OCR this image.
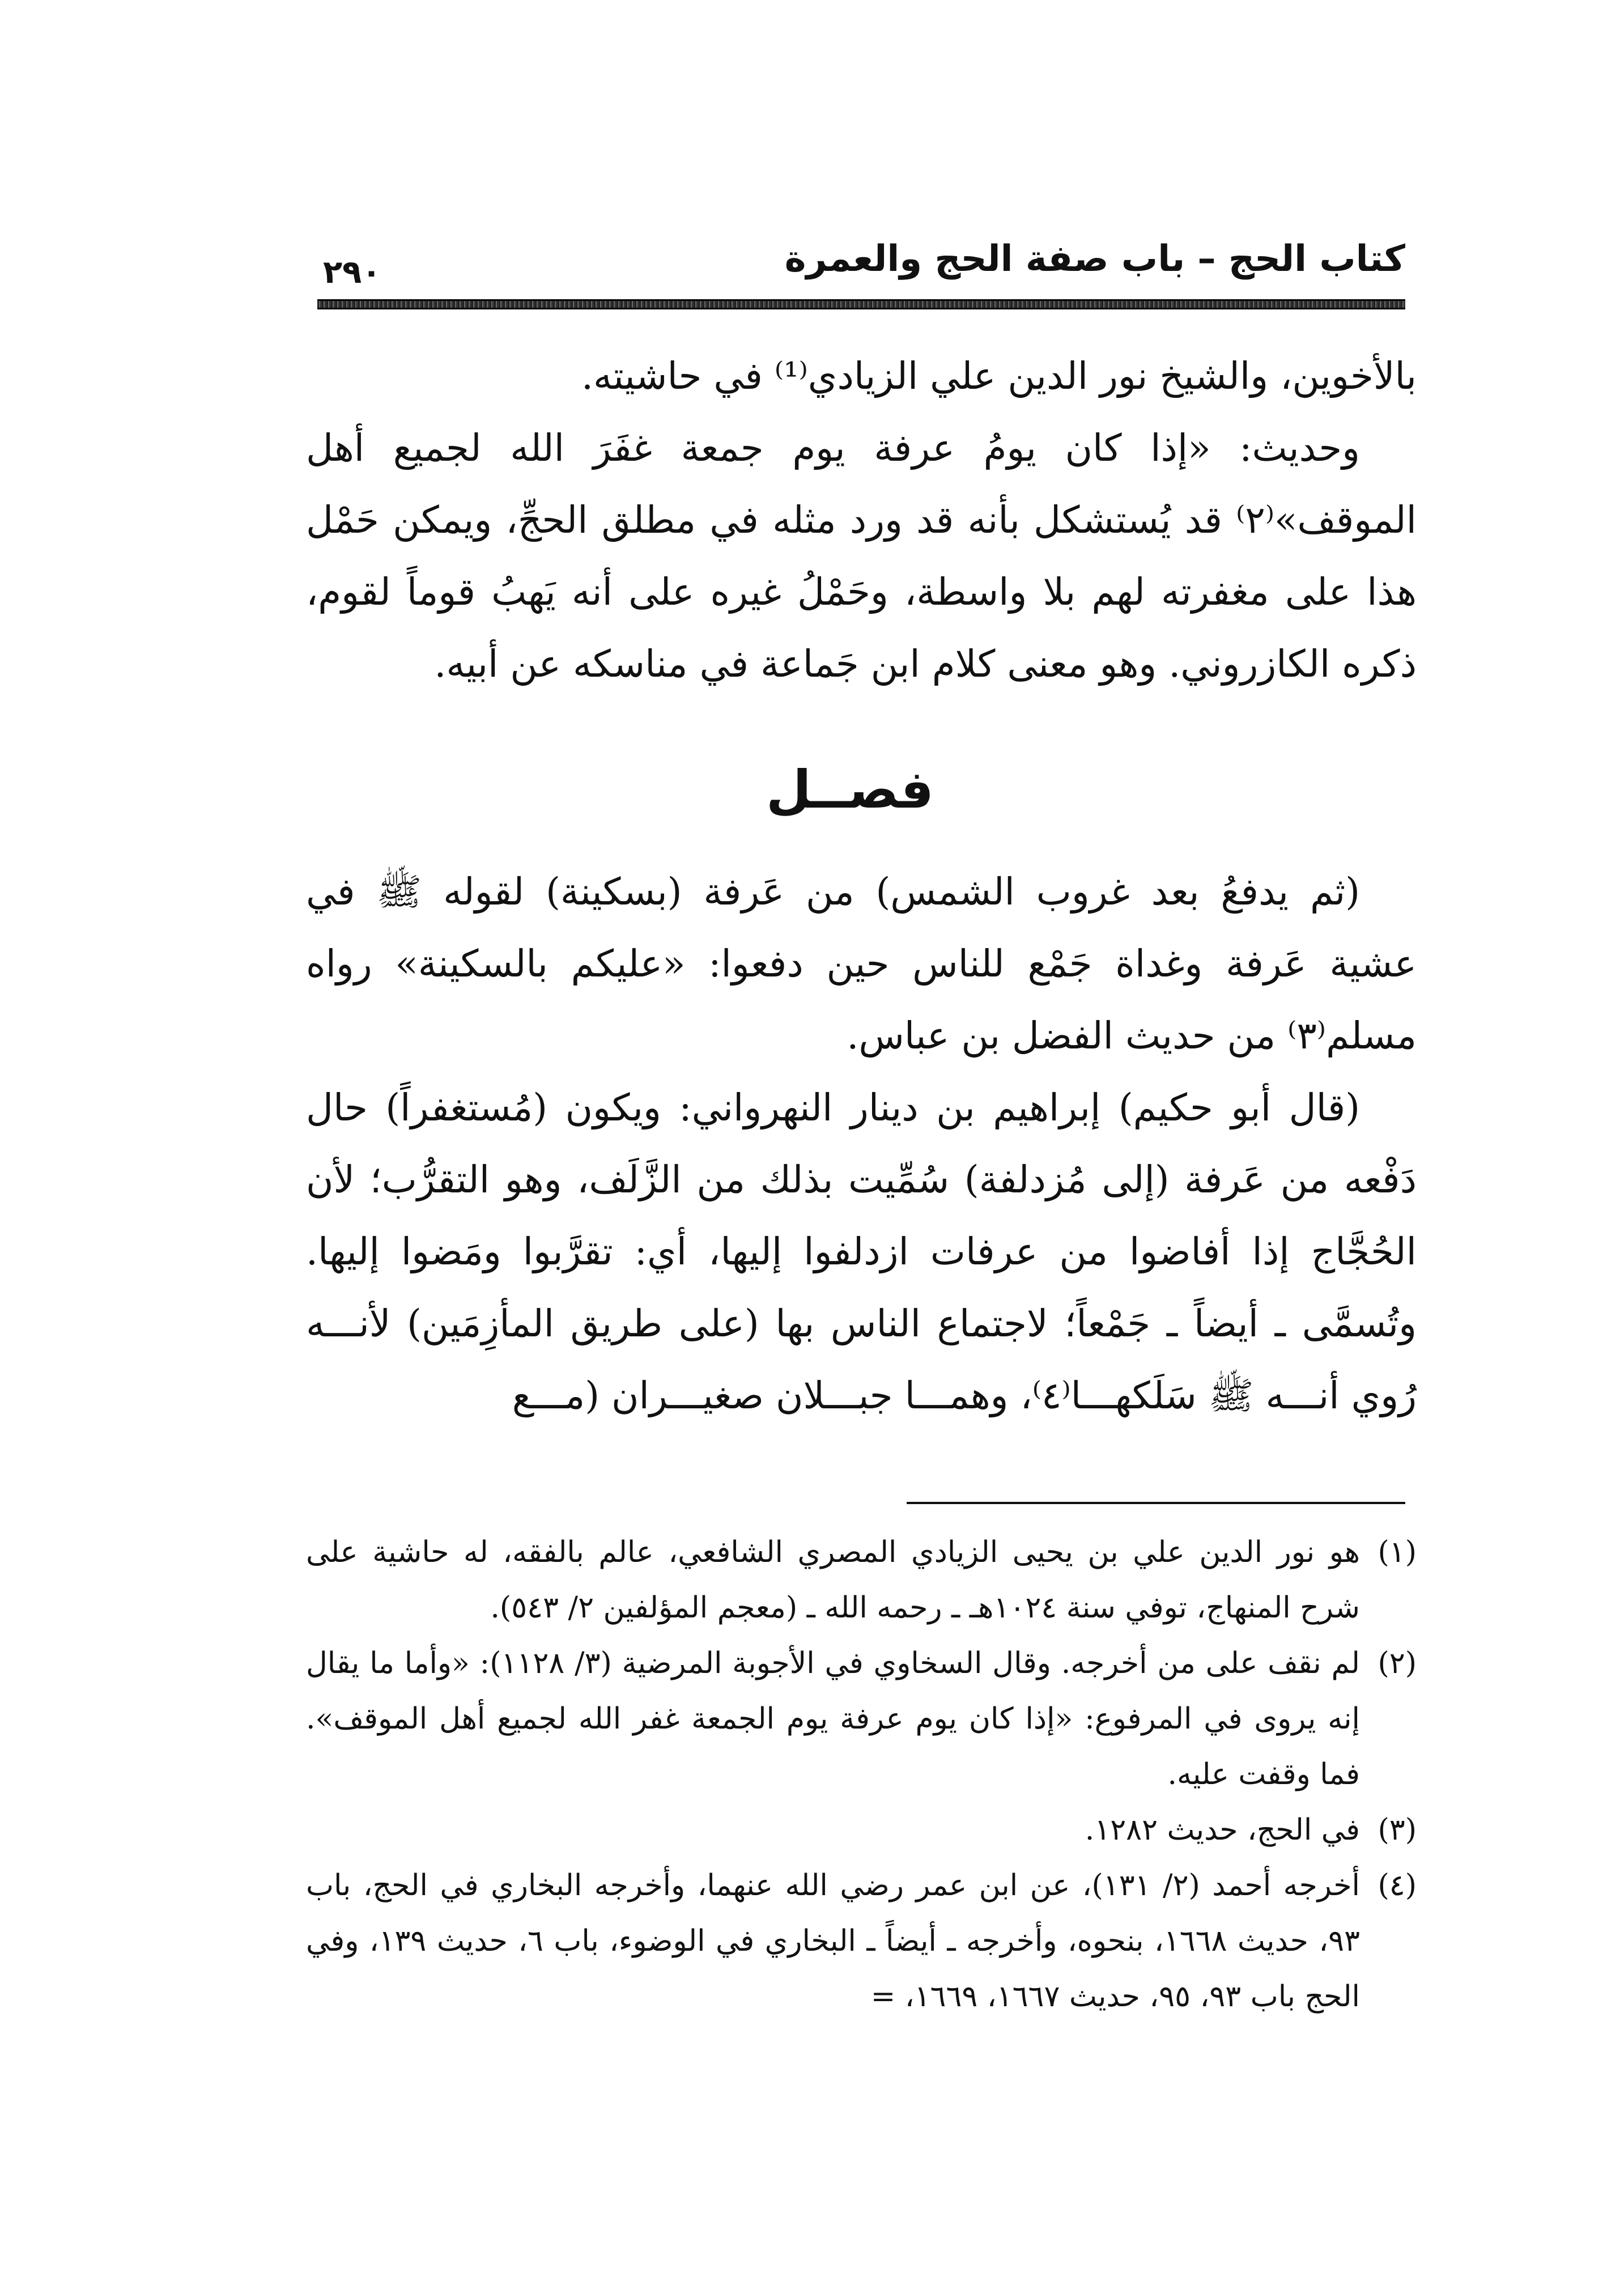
كتاب الحج – باب صفة الحج والعمرة
٢٩٠

بالأخوين، والشيخ نور الدين علي الزيادي⁽¹⁾ في حاشيته.

وحديث: «إذا كان يومُ عرفة يوم جمعة غفَرَ الله لجميع أهل الموقف»⁽٢⁾ قد يُستشكل بأنه قد ورد مثله في مطلق الحجِّ، ويمكن حَمْل هذا على مغفرته لهم بلا واسطة، وحَمْلُ غيره على أنه يَهبُ قوماً لقوم، ذكره الكازروني. وهو معنى كلام ابن جَماعة في مناسكه عن أبيه.

فصــل

(ثم يدفعُ بعد غروب الشمس) من عَرفة (بسكينة) لقوله ﷺ في عشية عَرفة وغداة جَمْع للناس حين دفعوا: «عليكم بالسكينة» رواه مسلم⁽٣⁾ من حديث الفضل بن عباس.

(قال أبو حكيم) إبراهيم بن دينار النهرواني: ويكون (مُستغفراً) حال دَفْعه من عَرفة (إلى مُزدلفة) سُمِّيت بذلك من الزَّلَف، وهو التقرُّب؛ لأن الحُجَّاج إذا أفاضوا من عرفات ازدلفوا إليها، أي: تقرَّبوا ومَضوا إليها. وتُسمَّى ـ أيضاً ـ جَمْعاً؛ لاجتماع الناس بها (على طريق المأزِمَين) لأنـــه رُوي أنـــه ﷺ سَلَكهـــا⁽٤⁾، وهمـــا جبـــلان صغيـــران (مـــع

(١)هو نور الدين علي بن يحيى الزيادي المصري الشافعي، عالم بالفقه، له حاشية على شرح المنهاج، توفي سنة ١٠٢٤هـ ـ رحمه الله ـ (معجم المؤلفين ٢/ ٥٤٣).

(٢)لم نقف على من أخرجه. وقال السخاوي في الأجوبة المرضية (٣/ ١١٢٨): «وأما ما يقال إنه يروى في المرفوع: «إذا كان يوم عرفة يوم الجمعة غفر الله لجميع أهل الموقف». فما وقفت عليه.

(٣)في الحج، حديث ١٢٨٢.

(٤)أخرجه أحمد (٢/ ١٣١)، عن ابن عمر رضي الله عنهما، وأخرجه البخاري في الحج، باب ٩٣، حديث ١٦٦٨، بنحوه، وأخرجه ـ أيضاً ـ البخاري في الوضوء، باب ٦، حديث ١٣٩، وفي الحج باب ٩٣، ٩٥، حديث ١٦٦٧، ١٦٦٩، =
